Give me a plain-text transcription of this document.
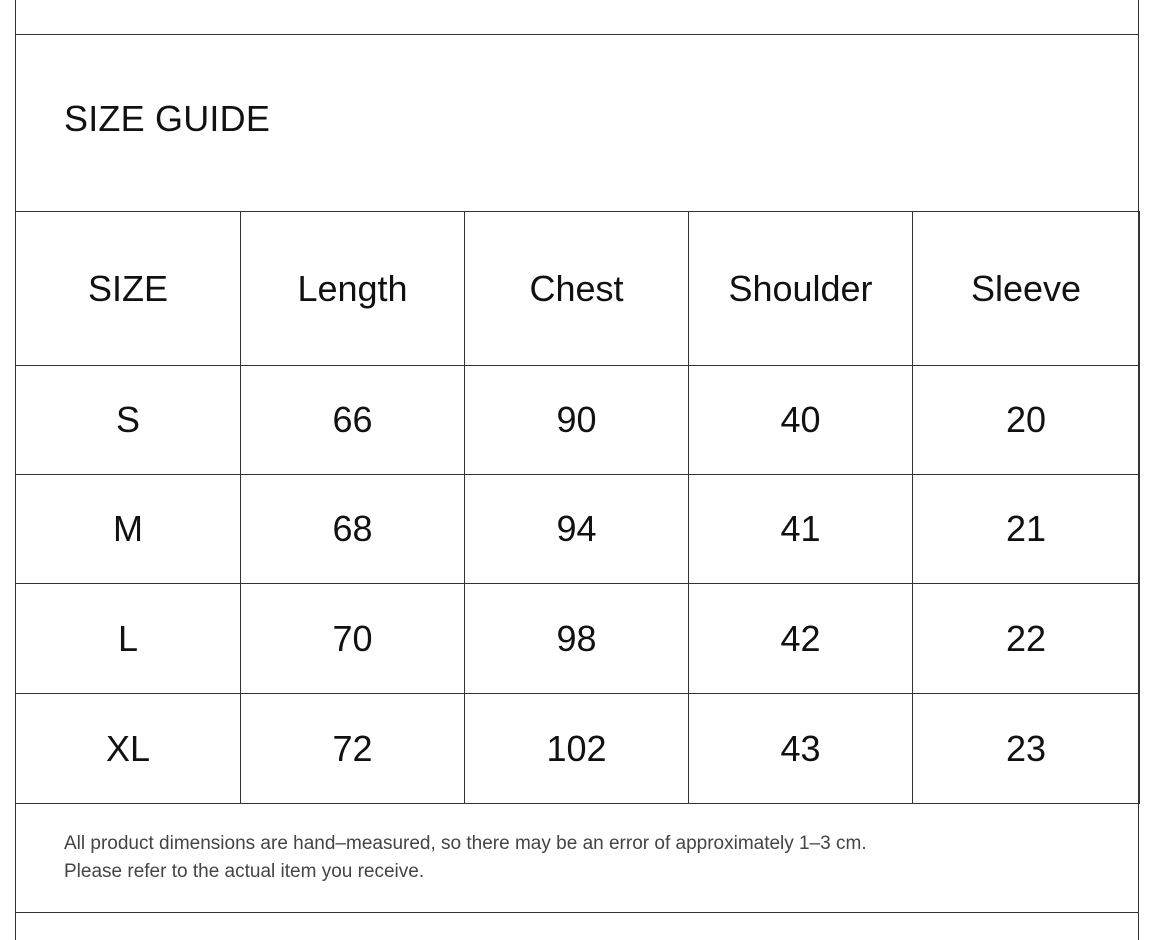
SIZE GUIDE
SIZE	Length	Chest	Shoulder	Sleeve
S	66	90	40	20
M	68	94	41	21
L	70	98	42	22
XL	72	102	43	23
All product dimensions are hand–measured, so there may be an error of approximately 1–3 cm.
Please refer to the actual item you receive.
